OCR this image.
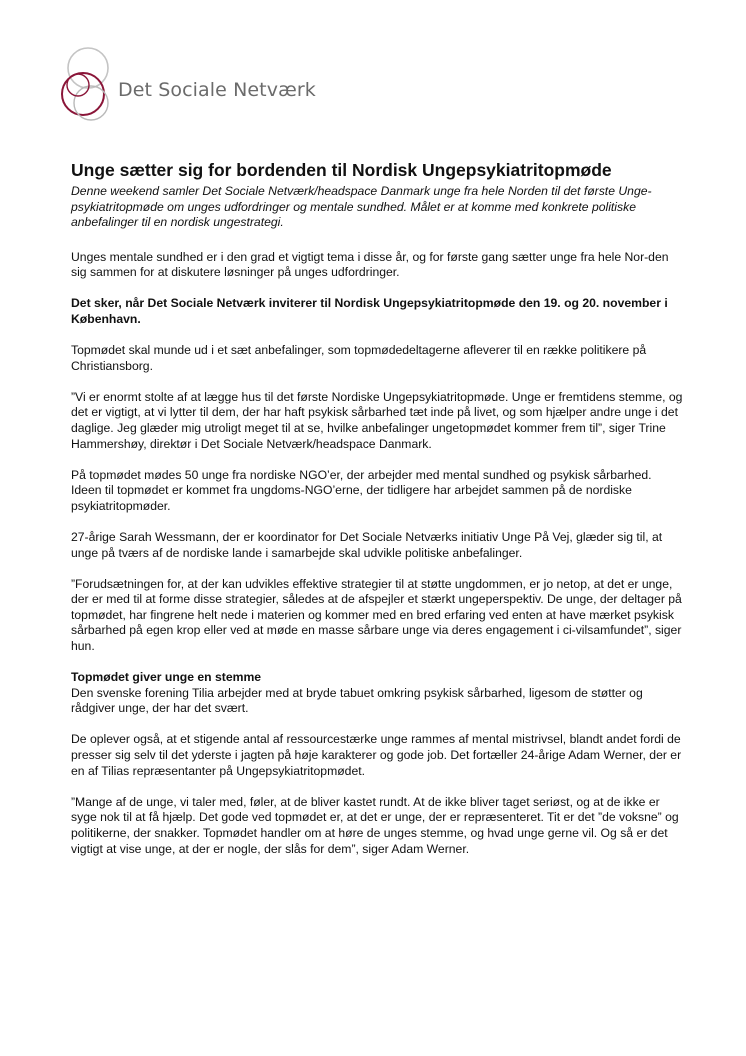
Det Sociale Netværk
Unge sætter sig for bordenden til Nordisk Ungepsykiatritopmøde

Denne weekend samler Det Sociale Netværk/headspace Danmark unge fra hele Norden til det første Unge-psykiatritopmøde om unges udfordringer og mentale sundhed. Målet er at komme med konkrete politiske anbefalinger til en nordisk ungestrategi.

Unges mentale sundhed er i den grad et vigtigt tema i disse år, og for første gang sætter unge fra hele Nor-den sig sammen for at diskutere løsninger på unges udfordringer.

Det sker, når Det Sociale Netværk inviterer til Nordisk Ungepsykiatritopmøde den 19. og 20. november i København.

Topmødet skal munde ud i et sæt anbefalinger, som topmødedeltagerne afleverer til en række politikere på Christiansborg.

”Vi er enormt stolte af at lægge hus til det første Nordiske Ungepsykiatritopmøde. Unge er fremtidens stemme, og det er vigtigt, at vi lytter til dem, der har haft psykisk sårbarhed tæt inde på livet, og som hjælper andre unge i det daglige. Jeg glæder mig utroligt meget til at se, hvilke anbefalinger ungetopmødet kommer frem til”, siger Trine Hammershøy, direktør i Det Sociale Netværk/headspace Danmark.

På topmødet mødes 50 unge fra nordiske NGO’er, der arbejder med mental sundhed og psykisk sårbarhed. Ideen til topmødet er kommet fra ungdoms-NGO’erne, der tidligere har arbejdet sammen på de nordiske psykiatritopmøder.

27-årige Sarah Wessmann, der er koordinator for Det Sociale Netværks initiativ Unge På Vej, glæder sig til, at unge på tværs af de nordiske lande i samarbejde skal udvikle politiske anbefalinger.

”Forudsætningen for, at der kan udvikles effektive strategier til at støtte ungdommen, er jo netop, at det er unge, der er med til at forme disse strategier, således at de afspejler et stærkt ungeperspektiv. De unge, der deltager på topmødet, har fingrene helt nede i materien og kommer med en bred erfaring ved enten at have mærket psykisk sårbarhed på egen krop eller ved at møde en masse sårbare unge via deres engagement i ci-vilsamfundet”, siger hun.

Topmødet giver unge en stemme

Den svenske forening Tilia arbejder med at bryde tabuet omkring psykisk sårbarhed, ligesom de støtter og rådgiver unge, der har det svært.

De oplever også, at et stigende antal af ressourcestærke unge rammes af mental mistrivsel, blandt andet fordi de presser sig selv til det yderste i jagten på høje karakterer og gode job. Det fortæller 24-årige Adam Werner, der er en af Tilias repræsentanter på Ungepsykiatritopmødet.

”Mange af de unge, vi taler med, føler, at de bliver kastet rundt. At de ikke bliver taget seriøst, og at de ikke er syge nok til at få hjælp. Det gode ved topmødet er, at det er unge, der er repræsenteret. Tit er det ”de voksne” og politikerne, der snakker. Topmødet handler om at høre de unges stemme, og hvad unge gerne vil. Og så er det vigtigt at vise unge, at der er nogle, der slås for dem”, siger Adam Werner.
